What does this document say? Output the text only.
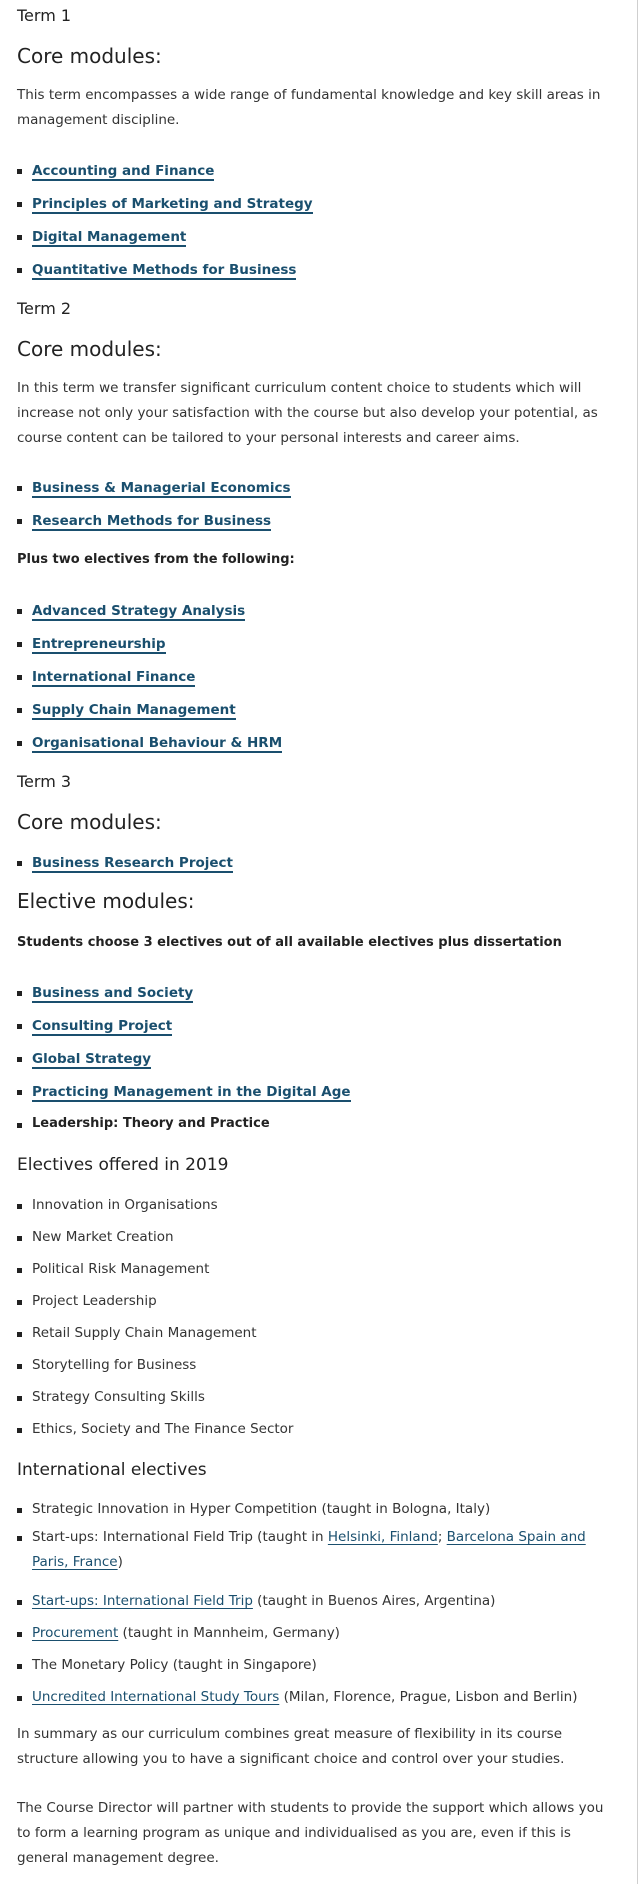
Term 1
Core modules:
This term encompasses a wide range of fundamental knowledge and key skill areas in management discipline.
Accounting and Finance
Principles of Marketing and Strategy
Digital Management
Quantitative Methods for Business
Term 2
Core modules:
In this term we transfer significant curriculum content choice to students which will increase not only your satisfaction with the course but also develop your potential, as course content can be tailored to your personal interests and career aims.
Business & Managerial Economics
Research Methods for Business
Plus two electives from the following:
Advanced Strategy Analysis
Entrepreneurship
International Finance
Supply Chain Management
Organisational Behaviour & HRM
Term 3
Core modules:
Business Research Project
Elective modules:
Students choose 3 electives out of all available electives plus dissertation
Business and Society
Consulting Project
Global Strategy
Practicing Management in the Digital Age
Leadership: Theory and Practice
Electives offered in 2019
Innovation in Organisations
New Market Creation
Political Risk Management
Project Leadership
Retail Supply Chain Management
Storytelling for Business
Strategy Consulting Skills
Ethics, Society and The Finance Sector
International electives
Strategic Innovation in Hyper Competition (taught in Bologna, Italy)
Start-ups: International Field Trip (taught in Helsinki, Finland; Barcelona Spain and Paris, France)
Start-ups: International Field Trip (taught in Buenos Aires, Argentina)
Procurement (taught in Mannheim, Germany)
The Monetary Policy (taught in Singapore)
Uncredited International Study Tours (Milan, Florence, Prague, Lisbon and Berlin)
In summary as our curriculum combines great measure of flexibility in its course structure allowing you to have a significant choice and control over your studies.
The Course Director will partner with students to provide the support which allows you to form a learning program as unique and individualised as you are, even if this is general management degree.
